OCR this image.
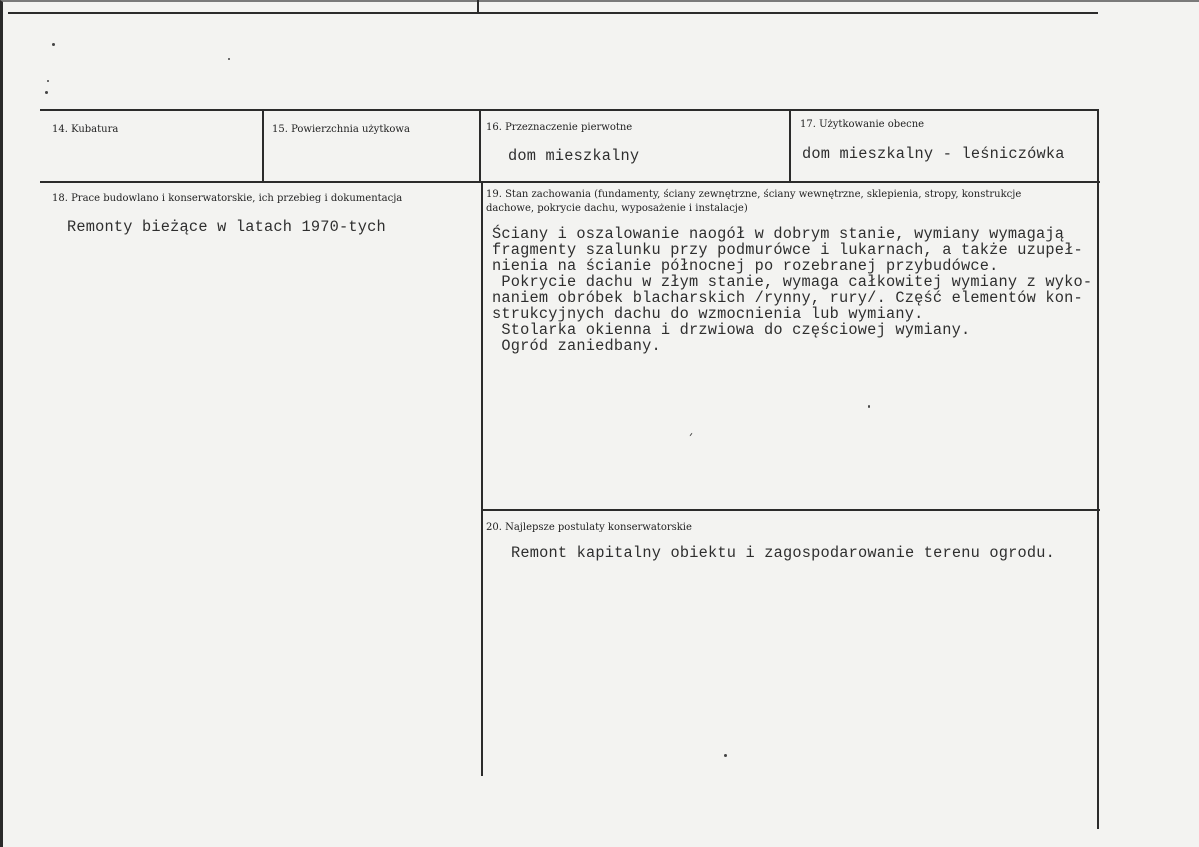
14. Kubatura	15. Powierzchnia użytkowa	16. Przeznaczenie pierwotne
dom mieszkalny
17. Użytkowanie obecne
dom mieszkalny - leśniczówka
18. Prace budowlano i konserwatorskie, ich przebieg i dokumentacja
Remonty bieżące w latach 1970-tych
19. Stan zachowania (fundamenty, ściany zewnętrzne, ściany wewnętrzne, sklepienia, stropy, konstrukcje dachowe, pokrycie dachu, wyposażenie i instalacje)
Ściany i oszalowanie naogół w dobrym stanie, wymiany wymagają
fragmenty szalunku przy podmurówce i lukarnach, a także uzupeł-
nienia na ścianie północnej po rozebranej przybudówce.
Pokrycie dachu w złym stanie, wymaga całkowitej wymiany z wyko-
naniem obróbek blacharskich /rynny, rury/. Część elementów kon-
strukcyjnych dachu do wzmocnienia lub wymiany.
Stolarka okienna i drzwiowa do częściowej wymiany.
Ogród zaniedbany.
20. Najlepsze postulaty konserwatorskie
Remont kapitalny obiektu i zagospodarowanie terenu ogrodu.
